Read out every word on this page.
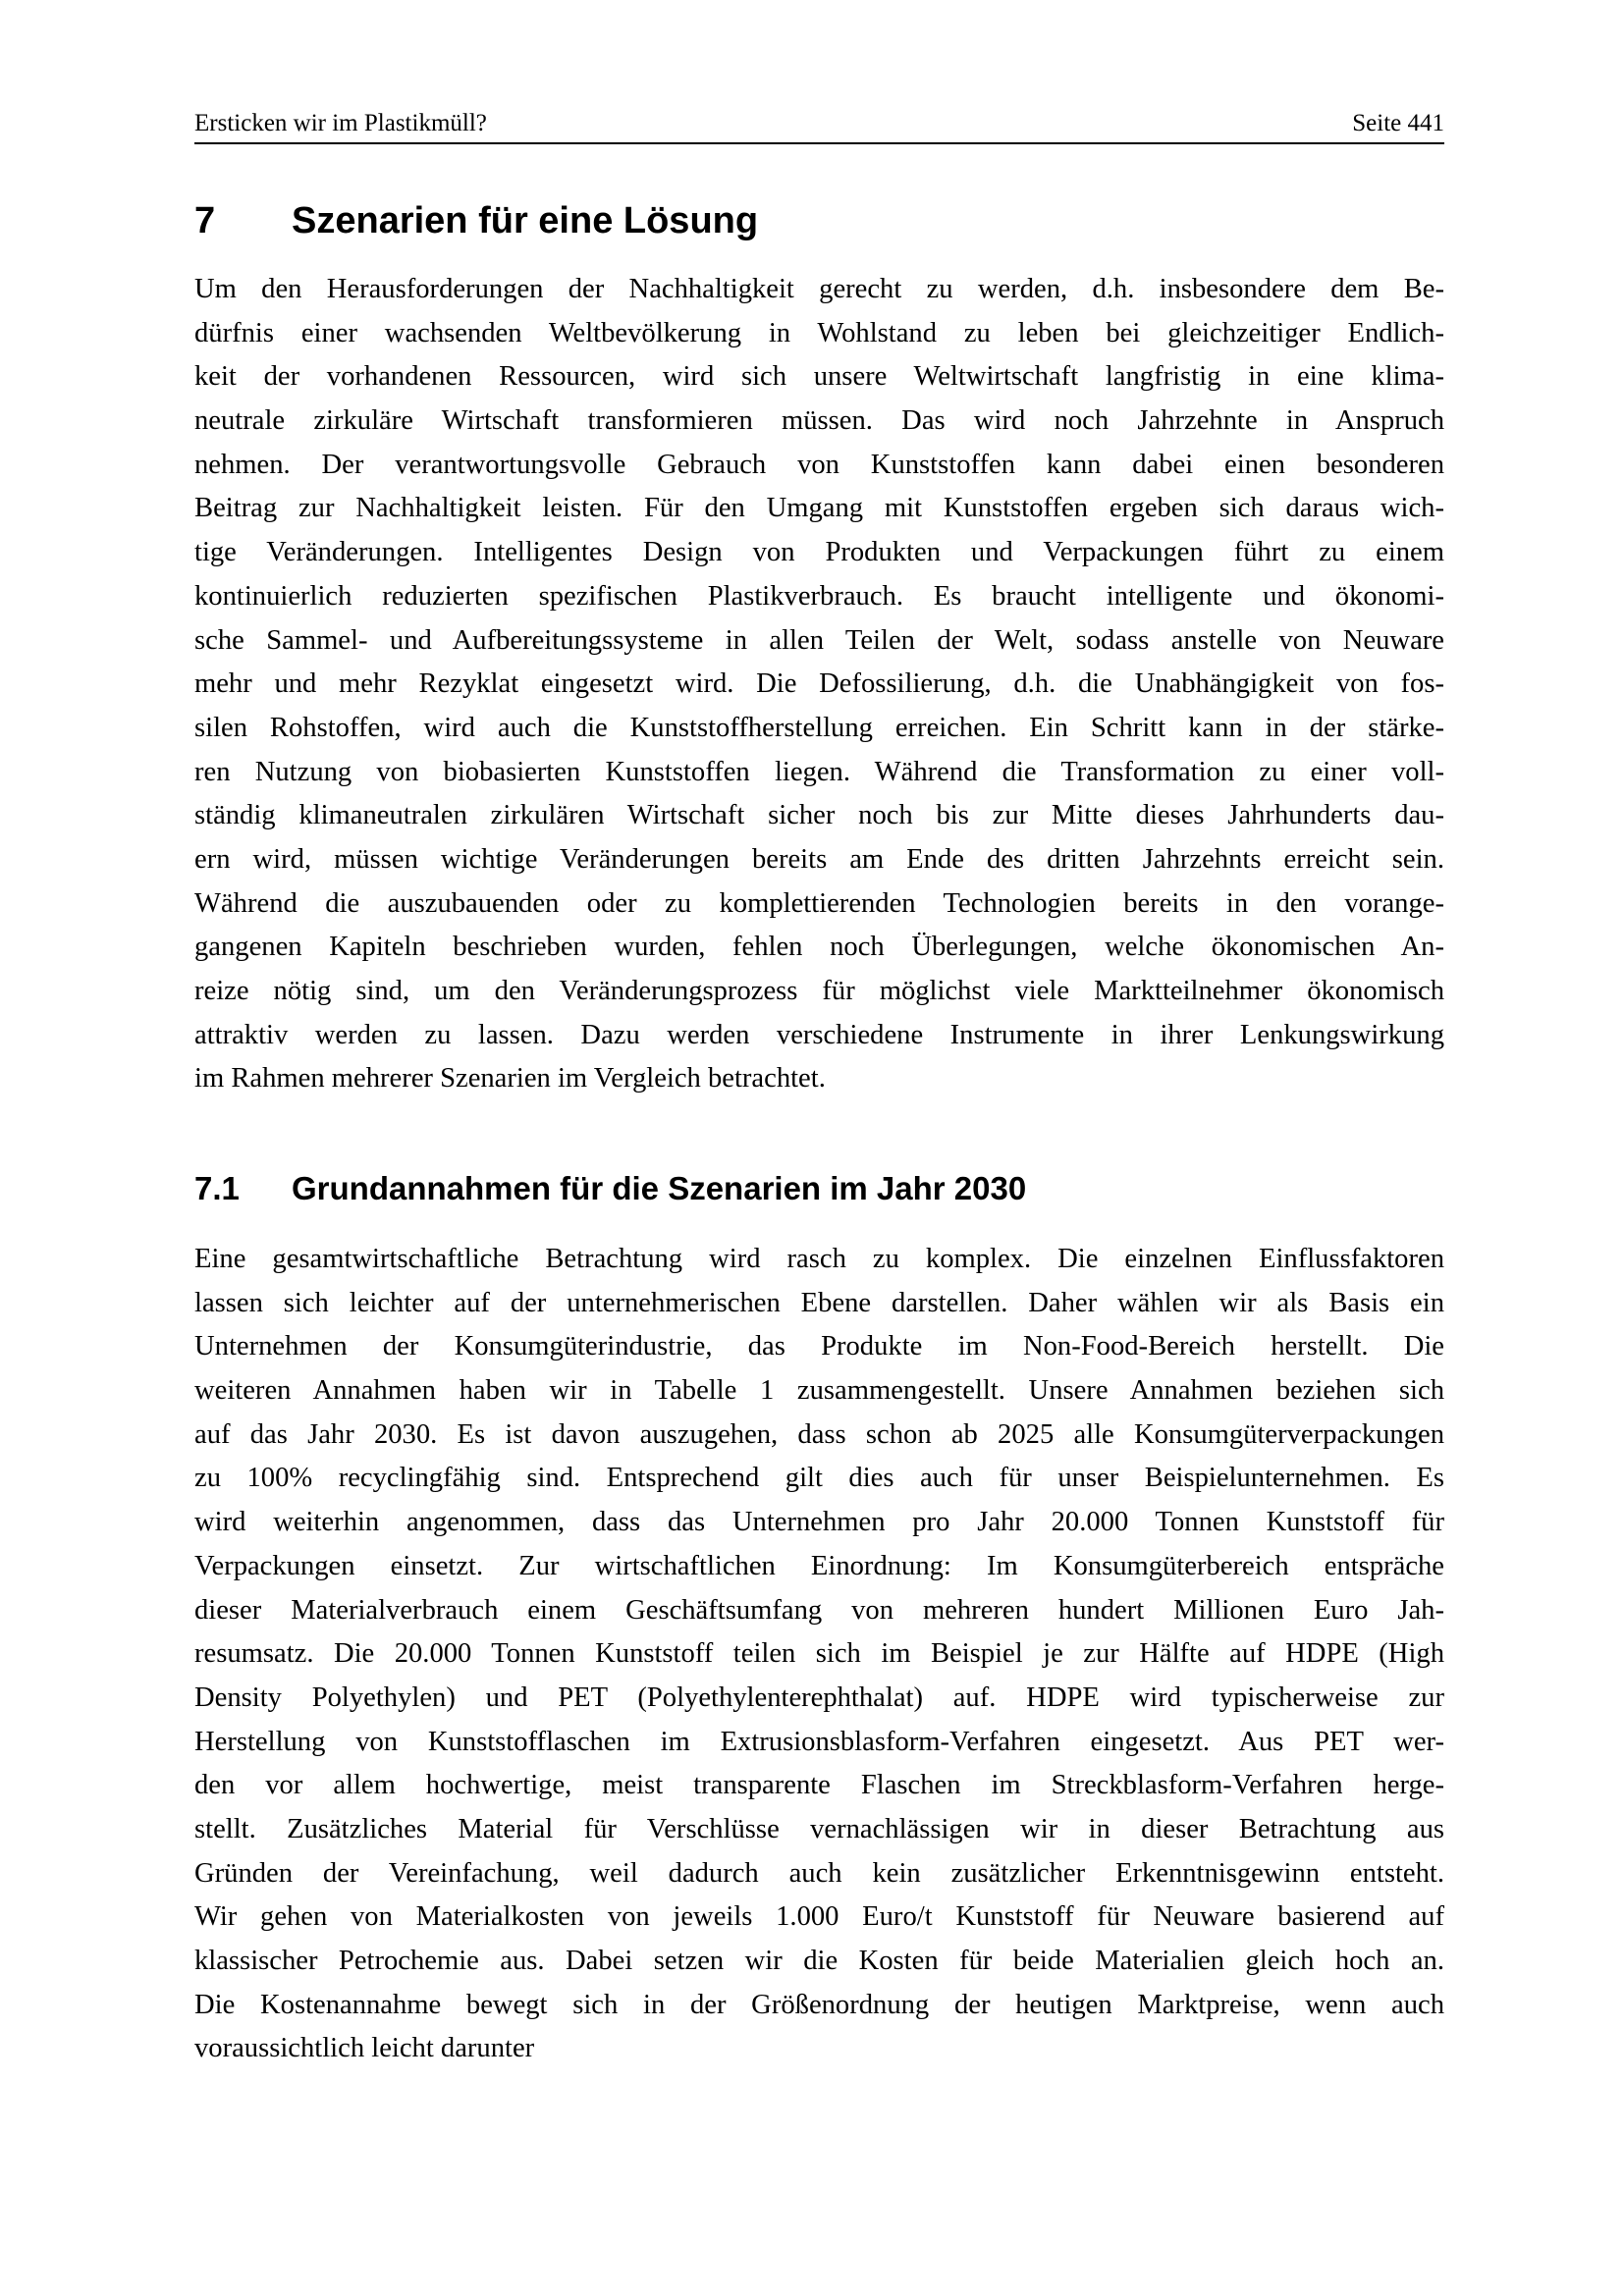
Ersticken wir im Plastikmüll?	Seite 441
7 Szenarien für eine Lösung
Um den Herausforderungen der Nachhaltigkeit gerecht zu werden, d.h. insbesondere dem Be-
dürfnis einer wachsenden Weltbevölkerung in Wohlstand zu leben bei gleichzeitiger Endlich-
keit der vorhandenen Ressourcen, wird sich unsere Weltwirtschaft langfristig in eine klima-
neutrale zirkuläre Wirtschaft transformieren müssen. Das wird noch Jahrzehnte in Anspruch
nehmen. Der verantwortungsvolle Gebrauch von Kunststoffen kann dabei einen besonderen
Beitrag zur Nachhaltigkeit leisten. Für den Umgang mit Kunststoffen ergeben sich daraus wich-
tige Veränderungen. Intelligentes Design von Produkten und Verpackungen führt zu einem
kontinuierlich reduzierten spezifischen Plastikverbrauch. Es braucht intelligente und ökonomi-
sche Sammel- und Aufbereitungssysteme in allen Teilen der Welt, sodass anstelle von Neuware
mehr und mehr Rezyklat eingesetzt wird. Die Defossilierung, d.h. die Unabhängigkeit von fos-
silen Rohstoffen, wird auch die Kunststoffherstellung erreichen. Ein Schritt kann in der stärke-
ren Nutzung von biobasierten Kunststoffen liegen. Während die Transformation zu einer voll-
ständig klimaneutralen zirkulären Wirtschaft sicher noch bis zur Mitte dieses Jahrhunderts dau-
ern wird, müssen wichtige Veränderungen bereits am Ende des dritten Jahrzehnts erreicht sein.
Während die auszubauenden oder zu komplettierenden Technologien bereits in den vorange-
gangenen Kapiteln beschrieben wurden, fehlen noch Überlegungen, welche ökonomischen An-
reize nötig sind, um den Veränderungsprozess für möglichst viele Marktteilnehmer ökonomisch
attraktiv werden zu lassen. Dazu werden verschiedene Instrumente in ihrer Lenkungswirkung
im Rahmen mehrerer Szenarien im Vergleich betrachtet.
7.1 Grundannahmen für die Szenarien im Jahr 2030
Eine gesamtwirtschaftliche Betrachtung wird rasch zu komplex. Die einzelnen Einflussfaktoren
lassen sich leichter auf der unternehmerischen Ebene darstellen. Daher wählen wir als Basis ein
Unternehmen der Konsumgüterindustrie, das Produkte im Non-Food-Bereich herstellt. Die
weiteren Annahmen haben wir in Tabelle 1 zusammengestellt. Unsere Annahmen beziehen sich
auf das Jahr 2030. Es ist davon auszugehen, dass schon ab 2025 alle Konsumgüterverpackungen
zu 100% recyclingfähig sind. Entsprechend gilt dies auch für unser Beispielunternehmen. Es
wird weiterhin angenommen, dass das Unternehmen pro Jahr 20.000 Tonnen Kunststoff für
Verpackungen einsetzt. Zur wirtschaftlichen Einordnung: Im Konsumgüterbereich entspräche
dieser Materialverbrauch einem Geschäftsumfang von mehreren hundert Millionen Euro Jah-
resumsatz. Die 20.000 Tonnen Kunststoff teilen sich im Beispiel je zur Hälfte auf HDPE (High
Density Polyethylen) und PET (Polyethylenterephthalat) auf. HDPE wird typischerweise zur
Herstellung von Kunststofflaschen im Extrusionsblasform-Verfahren eingesetzt. Aus PET wer-
den vor allem hochwertige, meist transparente Flaschen im Streckblasform-Verfahren herge-
stellt. Zusätzliches Material für Verschlüsse vernachlässigen wir in dieser Betrachtung aus
Gründen der Vereinfachung, weil dadurch auch kein zusätzlicher Erkenntnisgewinn entsteht.
Wir gehen von Materialkosten von jeweils 1.000 Euro/t Kunststoff für Neuware basierend auf
klassischer Petrochemie aus. Dabei setzen wir die Kosten für beide Materialien gleich hoch an.
Die Kostenannahme bewegt sich in der Größenordnung der heutigen Marktpreise, wenn auch
voraussichtlich leicht darunter
